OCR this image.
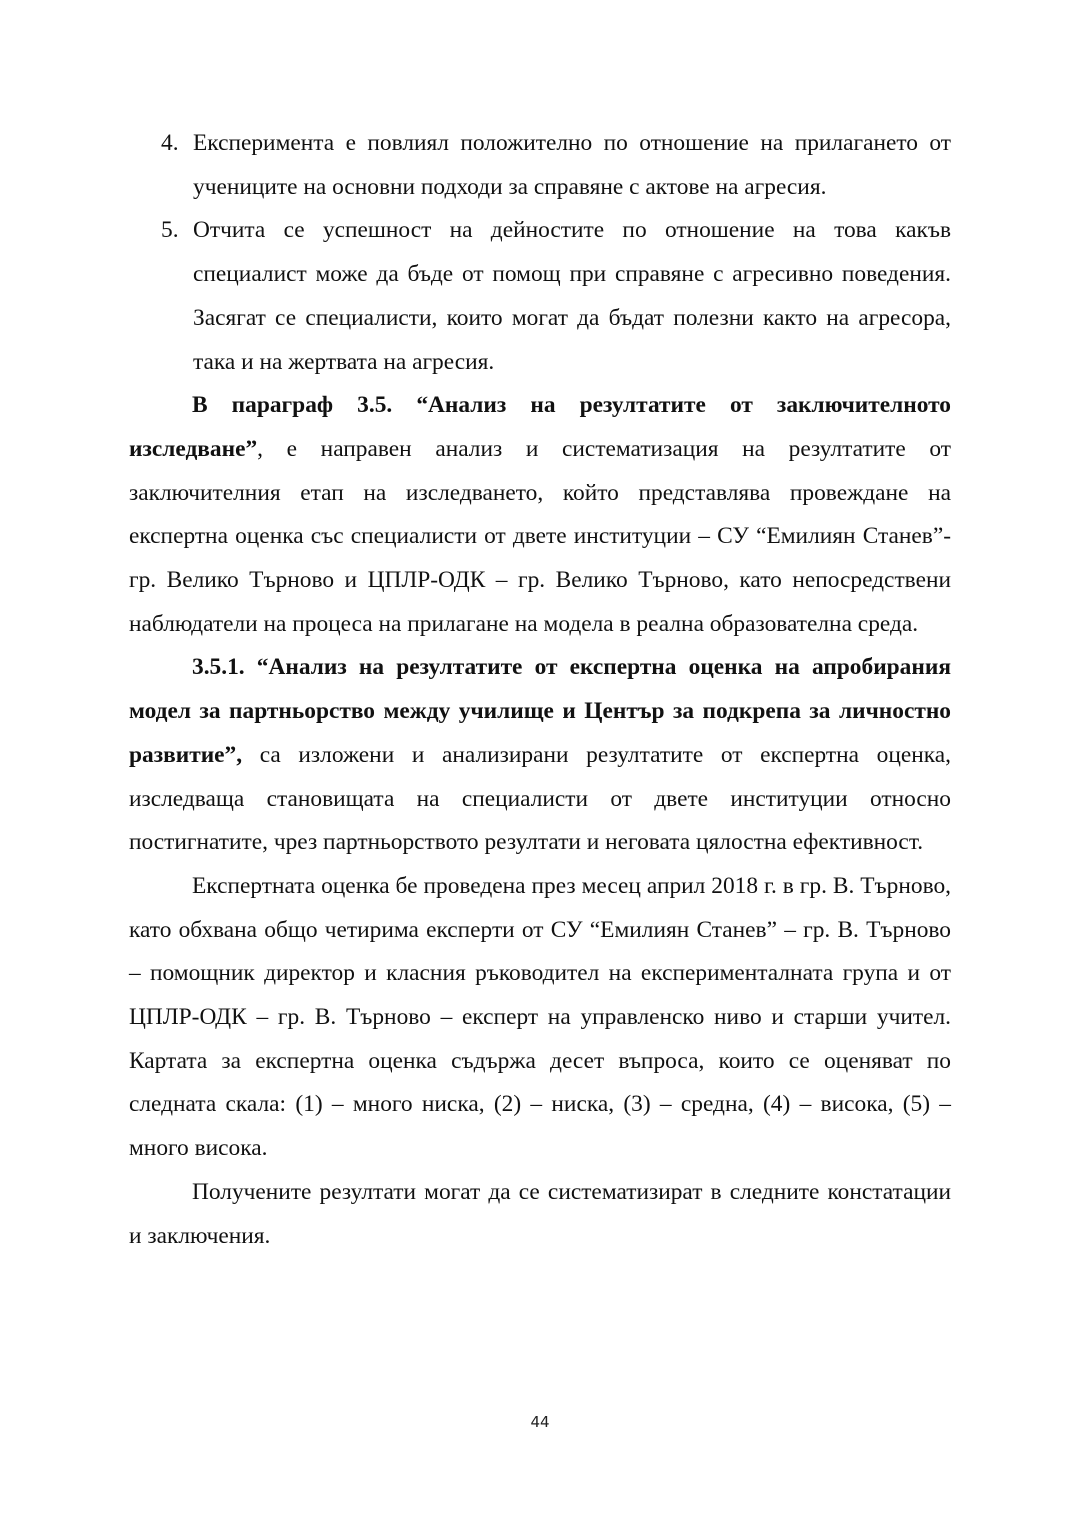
4. Експеримента е повлиял положително по отношение на прилагането от учениците на основни подходи за справяне с актове на агресия.
5. Отчита се успешност на дейностите по отношение на това какъв специалист може да бъде от помощ при справяне с агресивно поведения. Засягат се специалисти, които могат да бъдат полезни както на агресора, така и на жертвата на агресия.

В параграф 3.5. “Анализ на резултатите от заключителното изследване”, е направен анализ и систематизация на резултатите от заключителния етап на изследването, който представлява провеждане на експертна оценка със специалисти от двете институции – СУ “Емилиян Станев”- гр. Велико Търново и ЦПЛР-ОДК – гр. Велико Търново, като непосредствени наблюдатели на процеса на прилагане на модела в реална образователна среда.

3.5.1. “Анализ на резултатите от експертна оценка на апробирания модел за партньорство между училище и Център за подкрепа за личностно развитие”, са изложени и анализирани резултатите от експертна оценка, изследваща становищата на специалисти от двете институции относно постигнатите, чрез партньорството резултати и неговата цялостна ефективност.

Експертната оценка бе проведена през месец април 2018 г. в гр. В. Търново, като обхвана общо четирима експерти от СУ “Емилиян Станев” – гр. В. Търново – помощник директор и класния ръководител на експерименталната група и от ЦПЛР-ОДК – гр. В. Търново – експерт на управленско ниво и старши учител. Картата за експертна оценка съдържа десет въпроса, които се оценяват по следната скала: (1) – много ниска, (2) – ниска, (3) – средна, (4) – висока, (5) – много висока.

Получените резултати могат да се систематизират в следните констатации и заключения.

44
